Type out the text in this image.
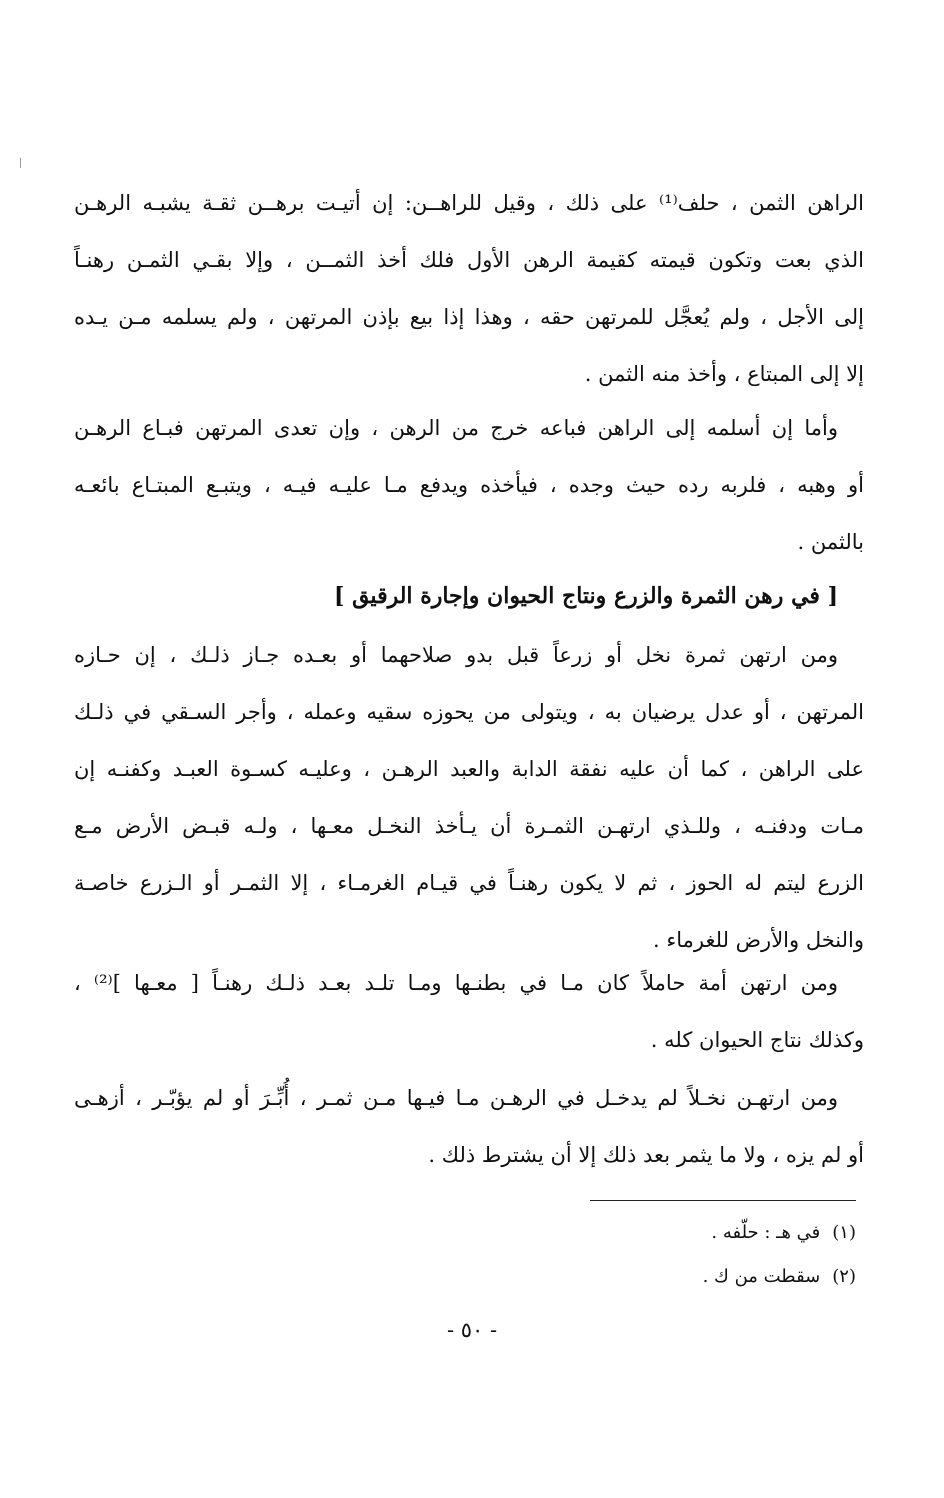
الراهن الثمن ، حلف⁽¹⁾ على ذلك ، وقيل للراهــن: إن أتيـت برهــن ثقـة يشبـه الرهـن
الذي بعت وتكون قيمته كقيمة الرهن الأول فلك أخذ الثمــن ، وإلا بقـي الثمـن رهنـاً
إلى الأجل ، ولم يُعجَّل للمرتهن حقه ، وهذا إذا بيع بإذن المرتهن ، ولم يسلمه مـن يـده
إلا إلى المبتاع ، وأخذ منه الثمن .
وأما إن أسلمه إلى الراهن فباعه خرج من الرهن ، وإن تعدى المرتهن فبـاع الرهـن
أو وهبه ، فلربه رده حيث وجده ، فيأخذه ويدفع مـا عليـه فيـه ، ويتبـع المبتـاع بائعـه
بالثمن .
[ في رهن الثمرة والزرع ونتاج الحيوان وإجارة الرقيق ]
ومن ارتهن ثمرة نخل أو زرعاً قبل بدو صلاحهما أو بعـده جـاز ذلـك ، إن حـازه
المرتهن ، أو عدل يرضيان به ، ويتولى من يحوزه سقيه وعمله ، وأجر السـقي في ذلـك
على الراهن ، كما أن عليه نفقة الدابة والعبد الرهـن ، وعليـه كسـوة العبـد وكفنـه إن
مـات ودفنـه ، وللـذي ارتهـن الثمـرة أن يـأخذ النخـل معـها ، ولـه قبـض الأرض مـع
الزرع ليتم له الحوز ، ثم لا يكون رهنـاً في قيـام الغرمـاء ، إلا الثمـر أو الـزرع خاصـة
والنخل والأرض للغرماء .
ومن ارتهن أمة حاملاً كان مـا في بطنـها ومـا تلـد بعـد ذلـك رهنـاً [ معـها ]⁽²⁾ ،
وكذلك نتاج الحيوان كله .
ومن ارتهـن نخـلاً لم يدخـل في الرهـن مـا فيـها مـن ثمـر ، أُبِّـرَ أو لم يؤبّـر ، أزهـى
أو لم يزه ، ولا ما يثمر بعد ذلك إلا أن يشترط ذلك .
(١)في هـ : حلّفه .
(٢)سقطت من ك .
- ٥٠ -
